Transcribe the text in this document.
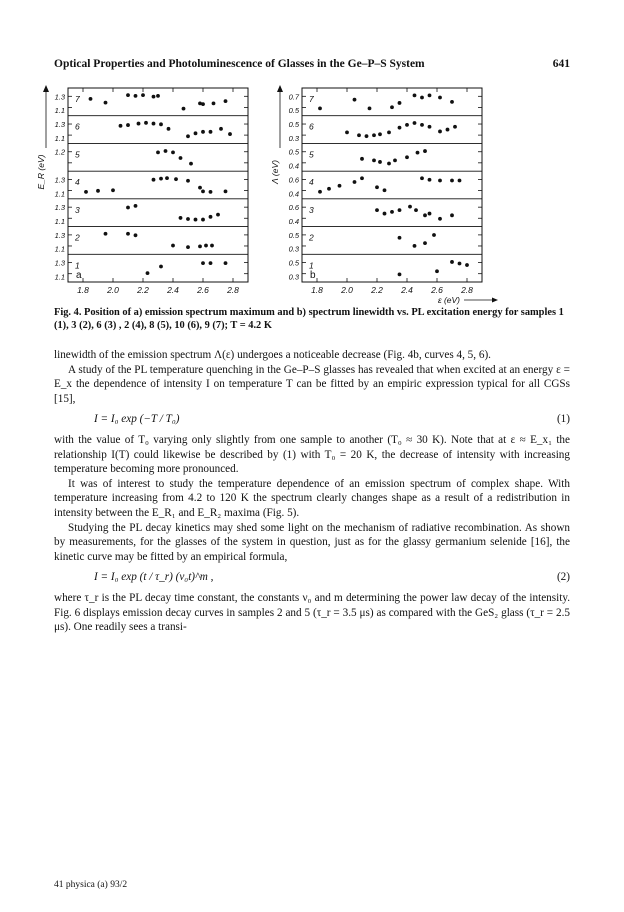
Optical Properties and Photoluminescence of Glasses in the Ge–P–S System	641
E_R (eV)
1.8 2.0 2.2 2.4 2.6 2.8
1.3
1.1
7
1.3
1.1
6
1.2 5
1.3
1.1
4
1.3
1.1
3
1.3
1.1
2
1.3
1.1
1
a
Λ (eV)
1.8 2.0 2.2 2.4 2.6 2.8
ε (eV)
0.7
0.5
7
0.5
0.3
6
0.5
0.4
5
0.6
0.4
4
0.6
0.4
3
0.5
0.3
2
0.5
0.3
1
b
Fig. 4. Position of a) emission spectrum maximum and b) spectrum linewidth vs. PL excitation energy for samples 1 (1), 3 (2), 6 (3) , 2 (4), 8 (5), 10 (6), 9 (7); T = 4.2 K

linewidth of the emission spectrum Λ(ε) undergoes a noticeable decrease (Fig. 4b, curves 4, 5, 6).

A study of the PL temperature quenching in the Ge–P–S glasses has revealed that when excited at an energy ε = E_x the dependence of intensity I on temperature T can be fitted by an empiric expression typical for all CGSs [15],

I = I₀ exp (−T / T₀)	(1)

with the value of T₀ varying only slightly from one sample to another (T₀ ≈ 30 K). Note that at ε ≈ E_x₁ the relationship I(T) could likewise be described by (1) with T₀ = 20 K, the decrease of intensity with increasing temperature becoming more pronounced.

It was of interest to study the temperature dependence of an emission spectrum of complex shape. With temperature increasing from 4.2 to 120 K the spectrum clearly changes shape as a result of a redistribution in intensity between the E_R₁ and E_R₂ maxima (Fig. 5).

Studying the PL decay kinetics may shed some light on the mechanism of radiative recombination. As shown by measurements, for the glasses of the system in question, just as for the glassy germanium selenide [16], the kinetic curve may be fitted by an empirical formula,

I = I₀ exp (t / τ_r) (ν₀t)^m ,	(2)

where τ_r is the PL decay time constant, the constants ν₀ and m determining the power law decay of the intensity. Fig. 6 displays emission decay curves in samples 2 and 5 (τ_r = 3.5 μs) as compared with the GeS₂ glass (τ_r = 2.5 μs). One readily sees a transi-

41 physica (a) 93/2
